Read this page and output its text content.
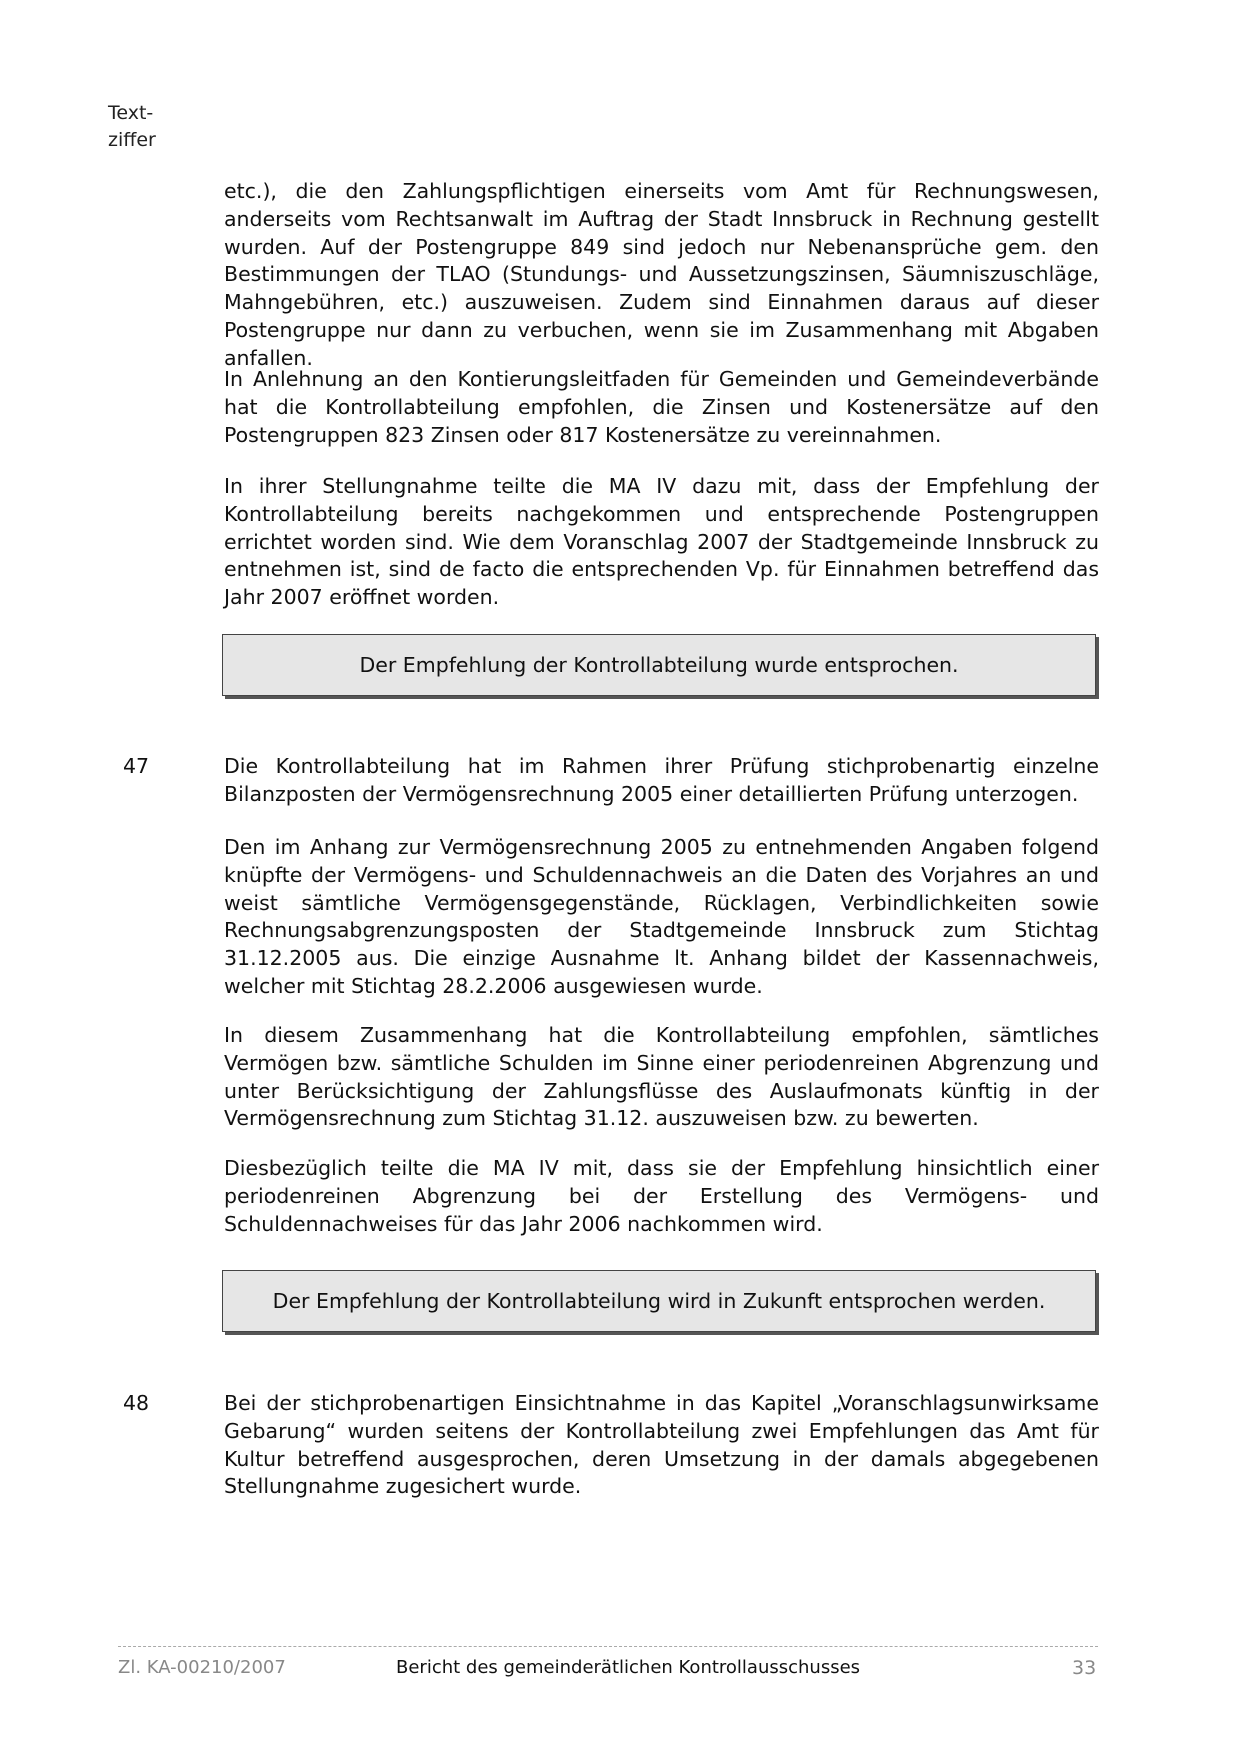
Text-
ziffer

etc.), die den Zahlungspflichtigen einerseits vom Amt für Rechnungswesen, anderseits vom Rechtsanwalt im Auftrag der Stadt Innsbruck in Rechnung gestellt wurden. Auf der Postengruppe 849 sind jedoch nur Nebenansprüche gem. den Bestimmungen der TLAO (Stundungs- und Aussetzungszinsen, Säumniszuschläge, Mahngebühren, etc.) auszuweisen. Zudem sind Einnahmen daraus auf dieser Postengruppe nur dann zu verbuchen, wenn sie im Zusammenhang mit Abgaben anfallen.

In Anlehnung an den Kontierungsleitfaden für Gemeinden und Gemeindeverbände hat die Kontrollabteilung empfohlen, die Zinsen und Kostenersätze auf den Postengruppen 823 Zinsen oder 817 Kostenersätze zu vereinnahmen.

In ihrer Stellungnahme teilte die MA IV dazu mit, dass der Empfehlung der Kontrollabteilung bereits nachgekommen und entsprechende Postengruppen errichtet worden sind. Wie dem Voranschlag 2007 der Stadtgemeinde Innsbruck zu entnehmen ist, sind de facto die entsprechenden Vp. für Einnahmen betreffend das Jahr 2007 eröffnet worden.

Der Empfehlung der Kontrollabteilung wurde entsprochen.
47	Die Kontrollabteilung hat im Rahmen ihrer Prüfung stichprobenartig einzelne Bilanzposten der Vermögensrechnung 2005 einer detaillierten Prüfung unterzogen.

Den im Anhang zur Vermögensrechnung 2005 zu entnehmenden Angaben folgend knüpfte der Vermögens- und Schuldennachweis an die Daten des Vorjahres an und weist sämtliche Vermögensgegenstände, Rücklagen, Verbindlichkeiten sowie Rechnungsabgrenzungsposten der Stadtgemeinde Innsbruck zum Stichtag 31.12.2005 aus. Die einzige Ausnahme lt. Anhang bildet der Kassennachweis, welcher mit Stichtag 28.2.2006 ausgewiesen wurde.

In diesem Zusammenhang hat die Kontrollabteilung empfohlen, sämtliches Vermögen bzw. sämtliche Schulden im Sinne einer periodenreinen Abgrenzung und unter Berücksichtigung der Zahlungsflüsse des Auslaufmonats künftig in der Vermögensrechnung zum Stichtag 31.12. auszuweisen bzw. zu bewerten.

Diesbezüglich teilte die MA IV mit, dass sie der Empfehlung hinsichtlich einer periodenreinen Abgrenzung bei der Erstellung des Vermögens- und Schuldennachweises für das Jahr 2006 nachkommen wird.

Der Empfehlung der Kontrollabteilung wird in Zukunft entsprochen werden.
48	Bei der stichprobenartigen Einsichtnahme in das Kapitel „Voranschlagsunwirksame Gebarung“ wurden seitens der Kontrollabteilung zwei Empfehlungen das Amt für Kultur betreffend ausgesprochen, deren Umsetzung in der damals abgegebenen Stellungnahme zugesichert wurde.

Zl. KA-00210/2007	Bericht des gemeinderätlichen Kontrollausschusses	33
